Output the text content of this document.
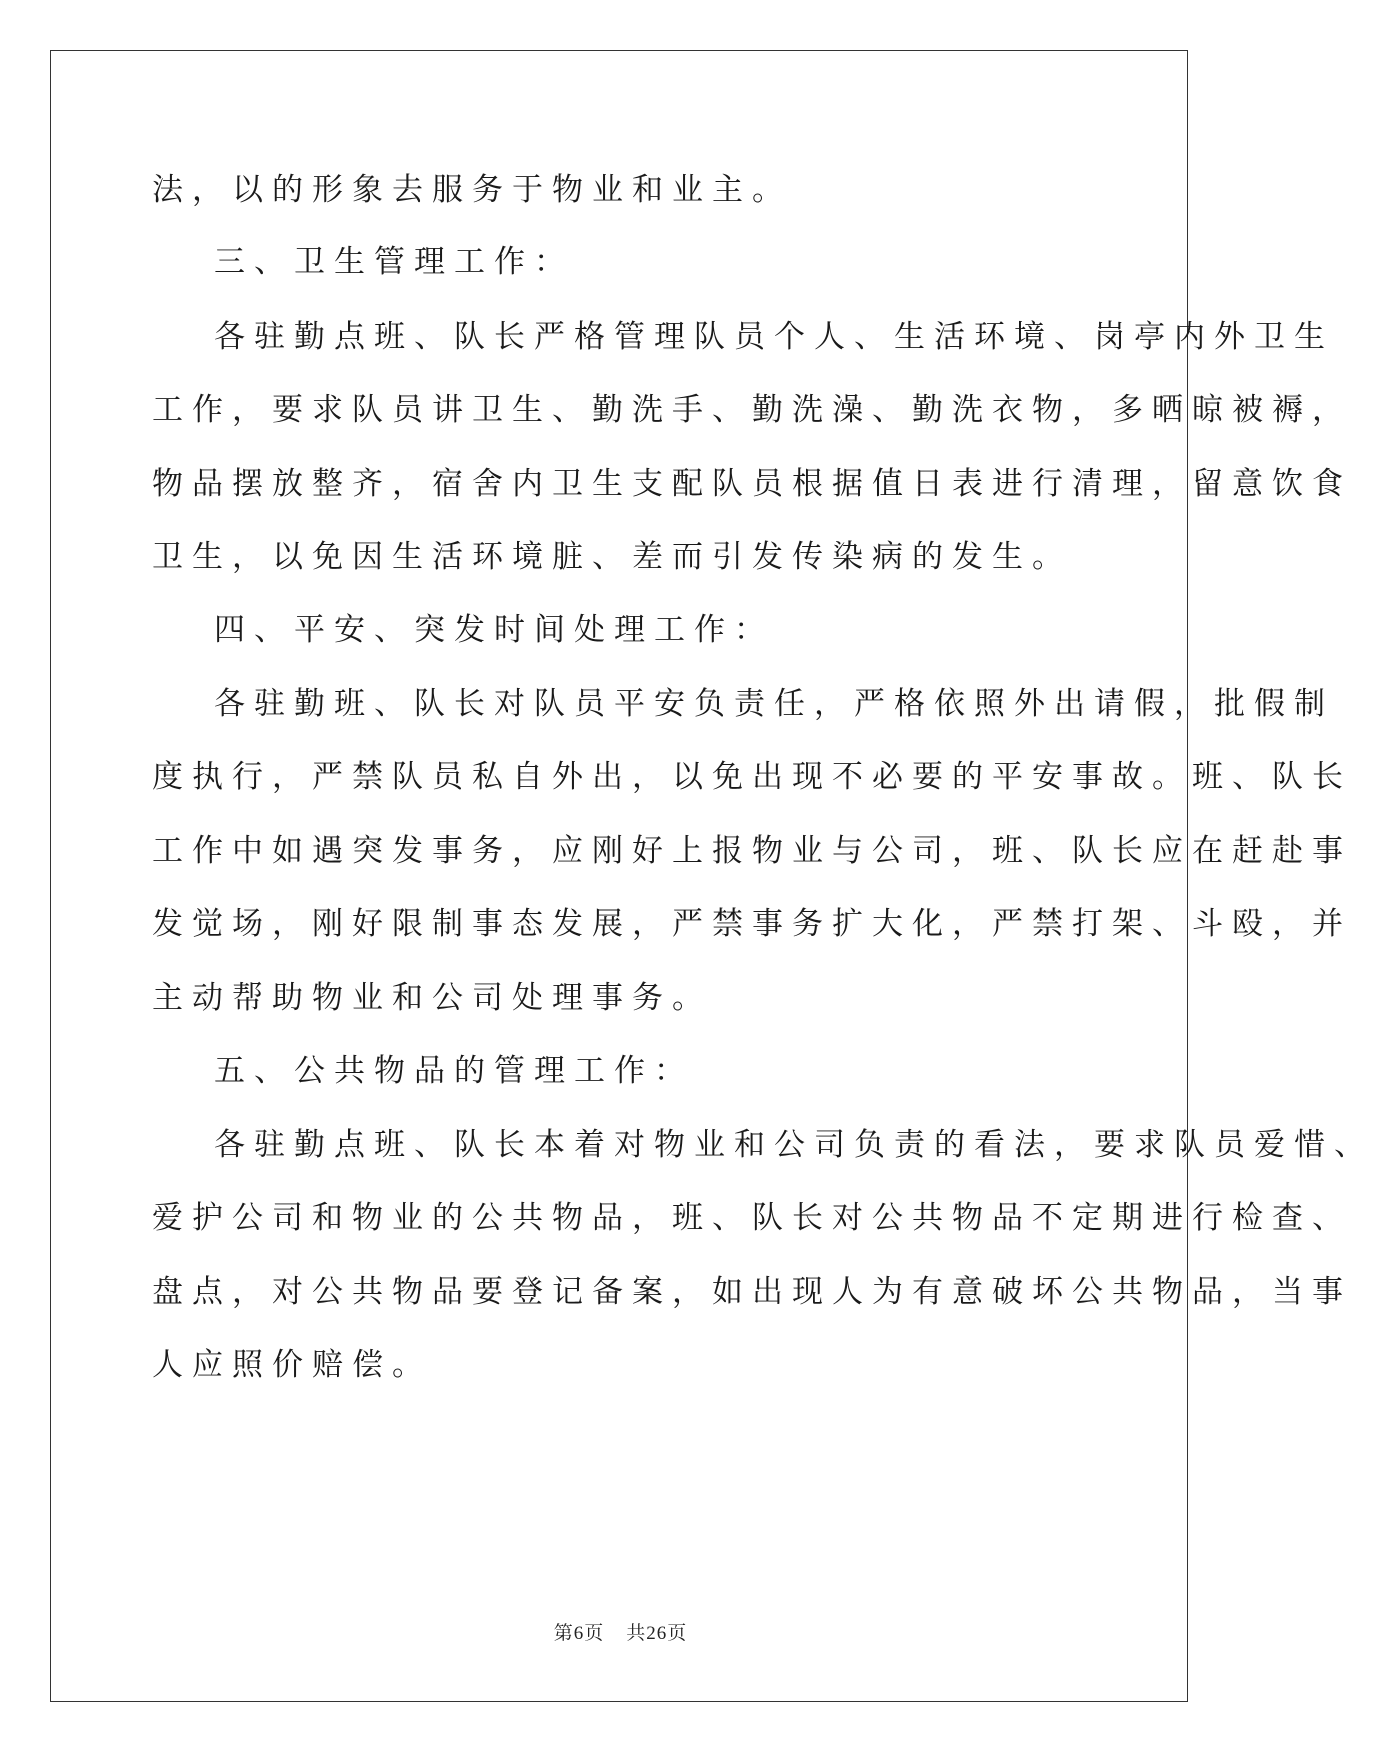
法，以的形象去服务于物业和业主。
三、卫生管理工作：
各驻勤点班、队长严格管理队员个人、生活环境、岗亭内外卫生
工作，要求队员讲卫生、勤洗手、勤洗澡、勤洗衣物，多晒晾被褥，
物品摆放整齐，宿舍内卫生支配队员根据值日表进行清理，留意饮食
卫生，以免因生活环境脏、差而引发传染病的发生。
四、平安、突发时间处理工作：
各驻勤班、队长对队员平安负责任，严格依照外出请假，批假制
度执行，严禁队员私自外出，以免出现不必要的平安事故。班、队长
工作中如遇突发事务，应刚好上报物业与公司，班、队长应在赶赴事
发觉场，刚好限制事态发展，严禁事务扩大化，严禁打架、斗殴，并
主动帮助物业和公司处理事务。
五、公共物品的管理工作：
各驻勤点班、队长本着对物业和公司负责的看法，要求队员爱惜、
爱护公司和物业的公共物品，班、队长对公共物品不定期进行检查、
盘点，对公共物品要登记备案，如出现人为有意破坏公共物品，当事
人应照价赔偿。
第6页 共26页
